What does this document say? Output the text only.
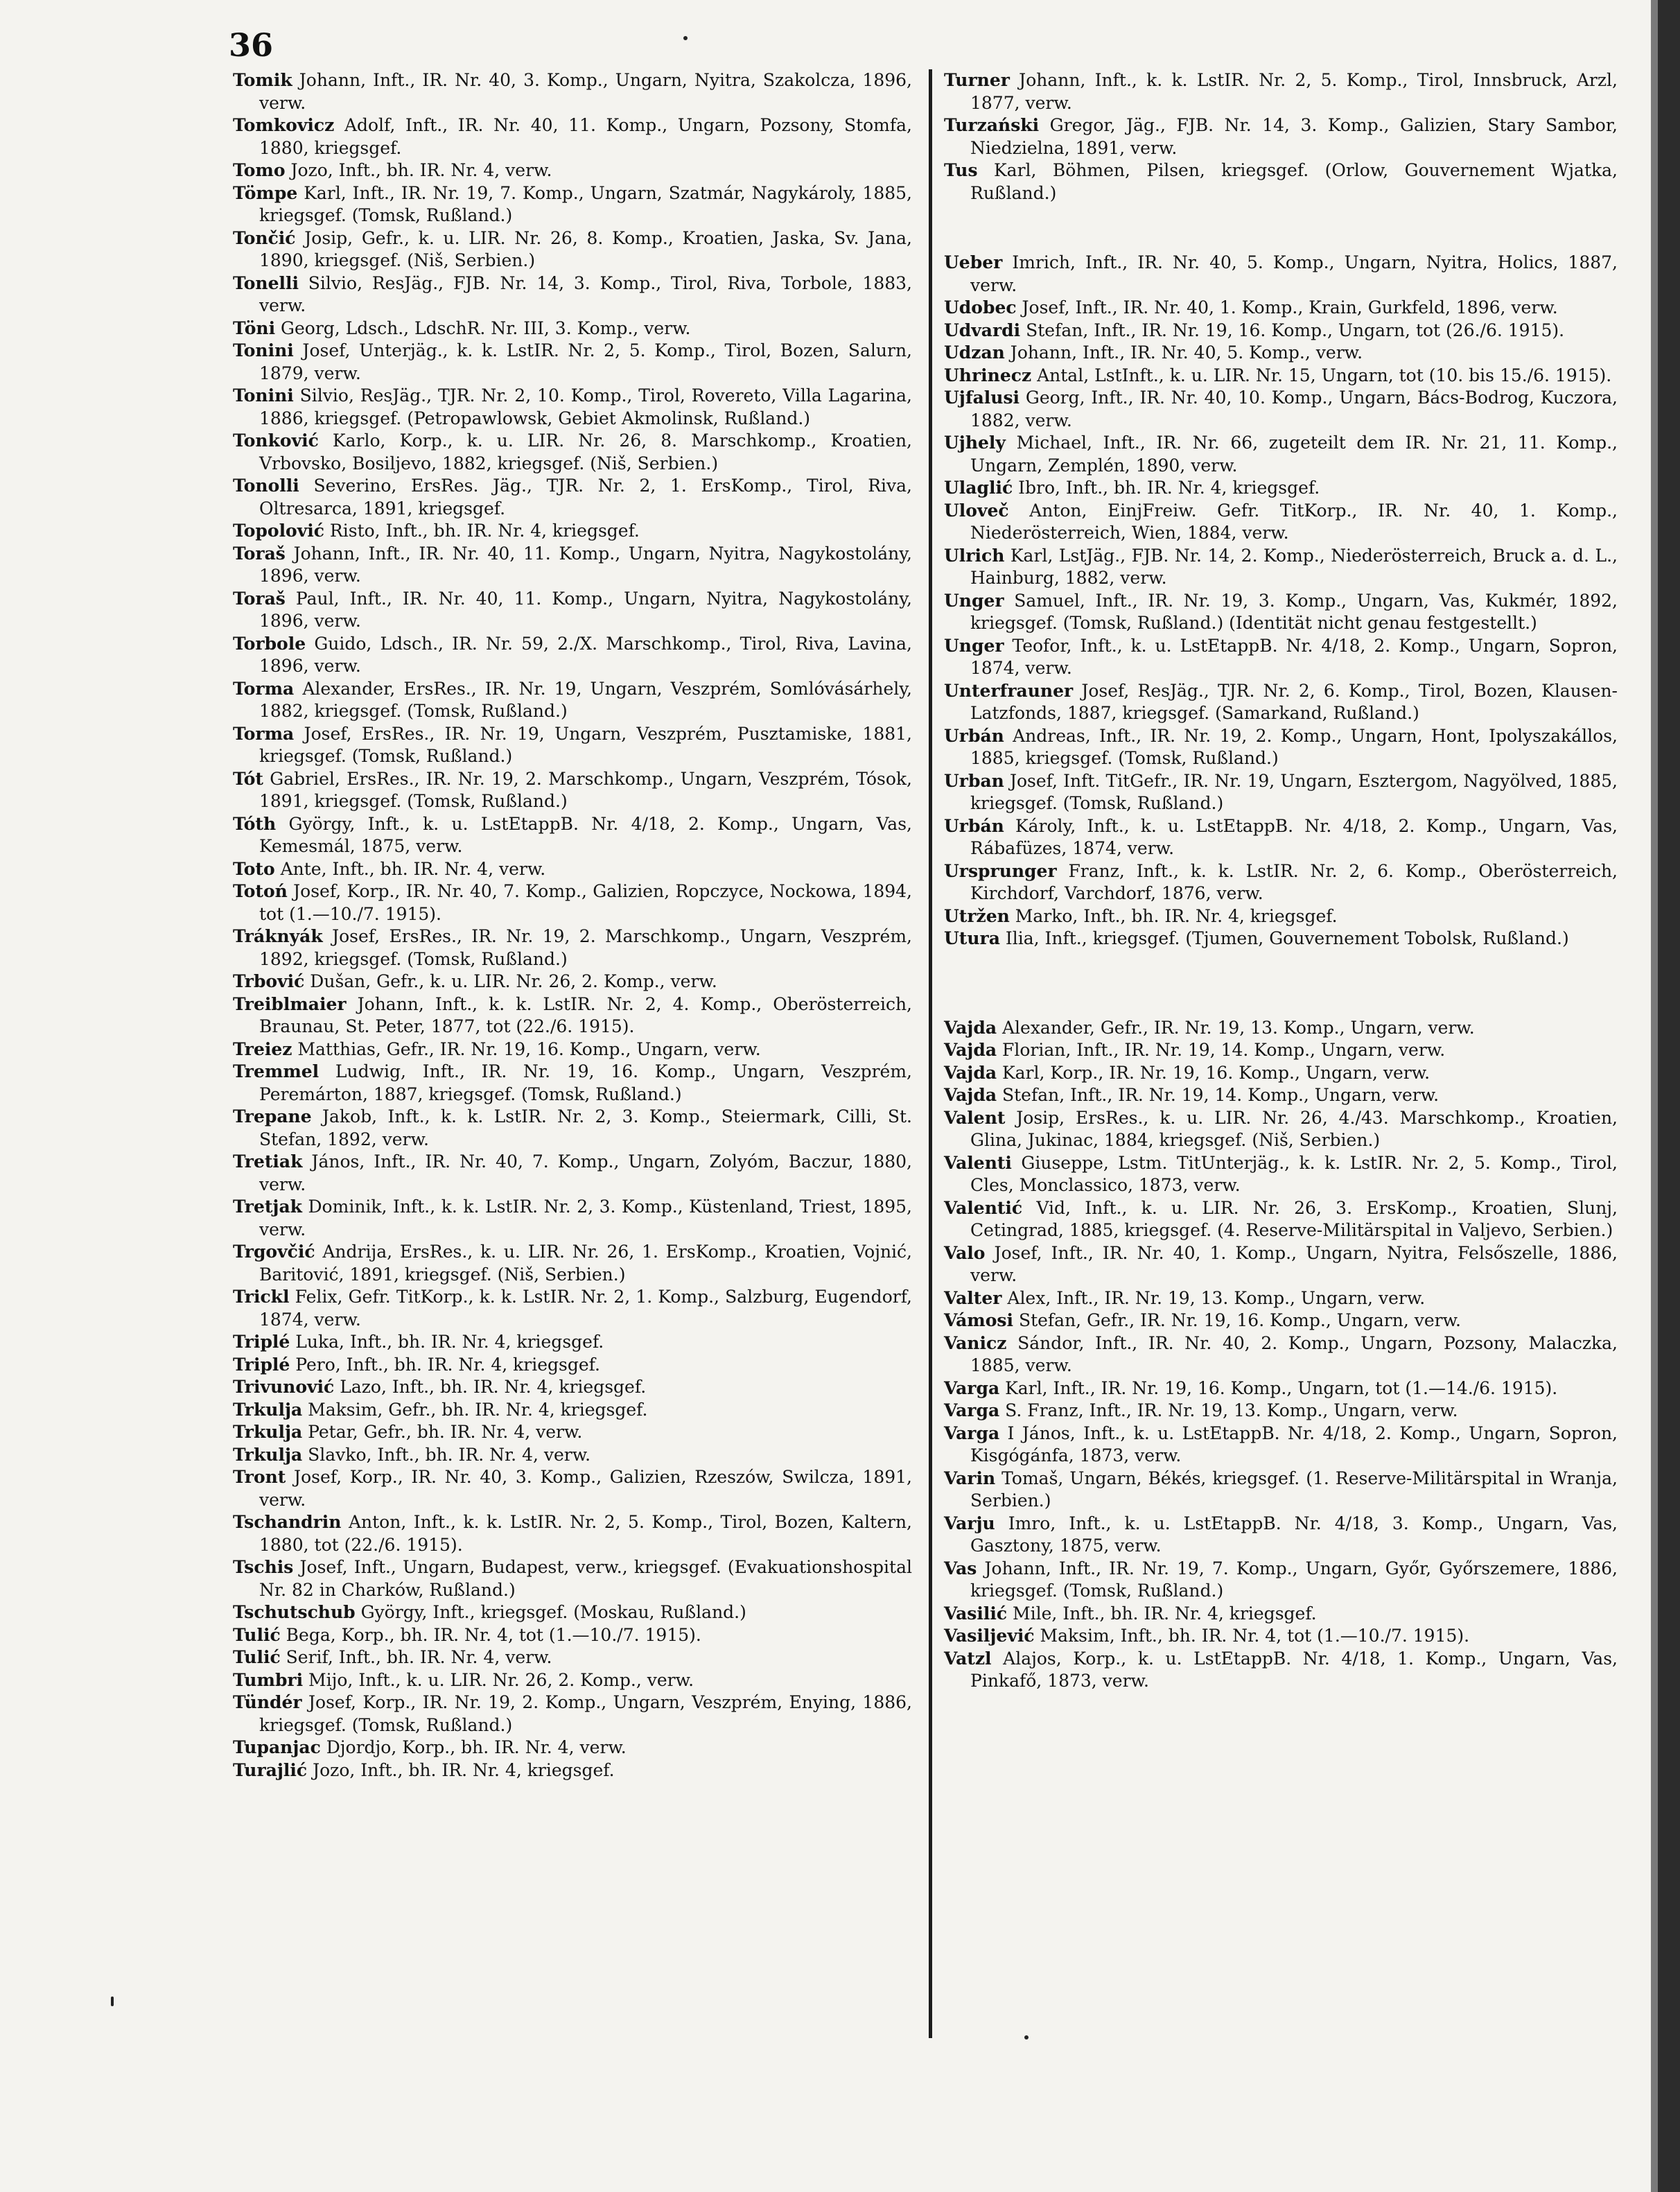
36

Tomik Johann, Inft., IR. Nr. 40, 3. Komp., Ungarn, Nyitra, Szakolcza, 1896, verw.

Tomkovicz Adolf, Inft., IR. Nr. 40, 11. Komp., Ungarn, Pozsony, Stomfa, 1880, kriegsgef.

Tomo Jozo, Inft., bh. IR. Nr. 4, verw.

Tömpe Karl, Inft., IR. Nr. 19, 7. Komp., Ungarn, Szatmár, Nagykároly, 1885, kriegsgef. (Tomsk, Rußland.)

Tončić Josip, Gefr., k. u. LIR. Nr. 26, 8. Komp., Kroatien, Jaska, Sv. Jana, 1890, kriegsgef. (Niš, Serbien.)

Tonelli Silvio, ResJäg., FJB. Nr. 14, 3. Komp., Tirol, Riva, Torbole, 1883, verw.

Töni Georg, Ldsch., LdschR. Nr. III, 3. Komp., verw.

Tonini Josef, Unterjäg., k. k. LstIR. Nr. 2, 5. Komp., Tirol, Bozen, Salurn, 1879, verw.

Tonini Silvio, ResJäg., TJR. Nr. 2, 10. Komp., Tirol, Rovereto, Villa Lagarina, 1886, kriegsgef. (Petropawlowsk, Gebiet Akmolinsk, Rußland.)

Tonković Karlo, Korp., k. u. LIR. Nr. 26, 8. Marschkomp., Kroatien, Vrbovsko, Bosiljevo, 1882, kriegsgef. (Niš, Serbien.)

Tonolli Severino, ErsRes. Jäg., TJR. Nr. 2, 1. ErsKomp., Tirol, Riva, Oltresarca, 1891, kriegsgef.

Topolović Risto, Inft., bh. IR. Nr. 4, kriegsgef.

Toraš Johann, Inft., IR. Nr. 40, 11. Komp., Ungarn, Nyitra, Nagykostolány, 1896, verw.

Toraš Paul, Inft., IR. Nr. 40, 11. Komp., Ungarn, Nyitra, Nagykostolány, 1896, verw.

Torbole Guido, Ldsch., IR. Nr. 59, 2./X. Marschkomp., Tirol, Riva, Lavina, 1896, verw.

Torma Alexander, ErsRes., IR. Nr. 19, Ungarn, Veszprém, Somlóvásárhely, 1882, kriegsgef. (Tomsk, Rußland.)

Torma Josef, ErsRes., IR. Nr. 19, Ungarn, Veszprém, Pusztamiske, 1881, kriegsgef. (Tomsk, Rußland.)

Tót Gabriel, ErsRes., IR. Nr. 19, 2. Marschkomp., Ungarn, Veszprém, Tósok, 1891, kriegsgef. (Tomsk, Rußland.)

Tóth György, Inft., k. u. LstEtappB. Nr. 4/18, 2. Komp., Ungarn, Vas, Kemesmál, 1875, verw.

Toto Ante, Inft., bh. IR. Nr. 4, verw.

Totoń Josef, Korp., IR. Nr. 40, 7. Komp., Galizien, Ropczyce, Nockowa, 1894, tot (1.—10./7. 1915).

Tráknyák Josef, ErsRes., IR. Nr. 19, 2. Marschkomp., Ungarn, Veszprém, 1892, kriegsgef. (Tomsk, Rußland.)

Trbović Dušan, Gefr., k. u. LIR. Nr. 26, 2. Komp., verw.

Treiblmaier Johann, Inft., k. k. LstIR. Nr. 2, 4. Komp., Oberösterreich, Braunau, St. Peter, 1877, tot (22./6. 1915).

Treiez Matthias, Gefr., IR. Nr. 19, 16. Komp., Ungarn, verw.

Tremmel Ludwig, Inft., IR. Nr. 19, 16. Komp., Ungarn, Veszprém, Peremárton, 1887, kriegsgef. (Tomsk, Rußland.)

Trepane Jakob, Inft., k. k. LstIR. Nr. 2, 3. Komp., Steiermark, Cilli, St. Stefan, 1892, verw.

Tretiak János, Inft., IR. Nr. 40, 7. Komp., Ungarn, Zolyóm, Baczur, 1880, verw.

Tretjak Dominik, Inft., k. k. LstIR. Nr. 2, 3. Komp., Küstenland, Triest, 1895, verw.

Trgovčić Andrija, ErsRes., k. u. LIR. Nr. 26, 1. ErsKomp., Kroatien, Vojnić, Baritović, 1891, kriegsgef. (Niš, Serbien.)

Trickl Felix, Gefr. TitKorp., k. k. LstIR. Nr. 2, 1. Komp., Salzburg, Eugendorf, 1874, verw.

Triplé Luka, Inft., bh. IR. Nr. 4, kriegsgef.

Triplé Pero, Inft., bh. IR. Nr. 4, kriegsgef.

Trivunović Lazo, Inft., bh. IR. Nr. 4, kriegsgef.

Trkulja Maksim, Gefr., bh. IR. Nr. 4, kriegsgef.

Trkulja Petar, Gefr., bh. IR. Nr. 4, verw.

Trkulja Slavko, Inft., bh. IR. Nr. 4, verw.

Tront Josef, Korp., IR. Nr. 40, 3. Komp., Galizien, Rzeszów, Swilcza, 1891, verw.

Tschandrin Anton, Inft., k. k. LstIR. Nr. 2, 5. Komp., Tirol, Bozen, Kaltern, 1880, tot (22./6. 1915).

Tschis Josef, Inft., Ungarn, Budapest, verw., kriegsgef. (Evakuationshospital Nr. 82 in Charków, Rußland.)

Tschutschub György, Inft., kriegsgef. (Moskau, Rußland.)

Tulić Bega, Korp., bh. IR. Nr. 4, tot (1.—10./7. 1915).

Tulić Serif, Inft., bh. IR. Nr. 4, verw.

Tumbri Mijo, Inft., k. u. LIR. Nr. 26, 2. Komp., verw.

Tündér Josef, Korp., IR. Nr. 19, 2. Komp., Ungarn, Veszprém, Enying, 1886, kriegsgef. (Tomsk, Rußland.)

Tupanjac Djordjo, Korp., bh. IR. Nr. 4, verw.

Turajlić Jozo, Inft., bh. IR. Nr. 4, kriegsgef.

Turner Johann, Inft., k. k. LstIR. Nr. 2, 5. Komp., Tirol, Innsbruck, Arzl, 1877, verw.

Turzański Gregor, Jäg., FJB. Nr. 14, 3. Komp., Galizien, Stary Sambor, Niedzielna, 1891, verw.

Tus Karl, Böhmen, Pilsen, kriegsgef. (Orlow, Gouvernement Wjatka, Rußland.)

Ueber Imrich, Inft., IR. Nr. 40, 5. Komp., Ungarn, Nyitra, Holics, 1887, verw.

Udobec Josef, Inft., IR. Nr. 40, 1. Komp., Krain, Gurkfeld, 1896, verw.

Udvardi Stefan, Inft., IR. Nr. 19, 16. Komp., Ungarn, tot (26./6. 1915).

Udzan Johann, Inft., IR. Nr. 40, 5. Komp., verw.

Uhrinecz Antal, LstInft., k. u. LIR. Nr. 15, Ungarn, tot (10. bis 15./6. 1915).

Ujfalusi Georg, Inft., IR. Nr. 40, 10. Komp., Ungarn, Bács-Bodrog, Kuczora, 1882, verw.

Ujhely Michael, Inft., IR. Nr. 66, zugeteilt dem IR. Nr. 21, 11. Komp., Ungarn, Zemplén, 1890, verw.

Ulaglić Ibro, Inft., bh. IR. Nr. 4, kriegsgef.

Uloveč Anton, EinjFreiw. Gefr. TitKorp., IR. Nr. 40, 1. Komp., Niederösterreich, Wien, 1884, verw.

Ulrich Karl, LstJäg., FJB. Nr. 14, 2. Komp., Niederösterreich, Bruck a. d. L., Hainburg, 1882, verw.

Unger Samuel, Inft., IR. Nr. 19, 3. Komp., Ungarn, Vas, Kukmér, 1892, kriegsgef. (Tomsk, Rußland.) (Identität nicht genau festgestellt.)

Unger Teofor, Inft., k. u. LstEtappB. Nr. 4/18, 2. Komp., Ungarn, Sopron, 1874, verw.

Unterfrauner Josef, ResJäg., TJR. Nr. 2, 6. Komp., Tirol, Bozen, Klausen-Latzfonds, 1887, kriegsgef. (Samarkand, Rußland.)

Urbán Andreas, Inft., IR. Nr. 19, 2. Komp., Ungarn, Hont, Ipolyszakállos, 1885, kriegsgef. (Tomsk, Rußland.)

Urban Josef, Inft. TitGefr., IR. Nr. 19, Ungarn, Esztergom, Nagyölved, 1885, kriegsgef. (Tomsk, Rußland.)

Urbán Károly, Inft., k. u. LstEtappB. Nr. 4/18, 2. Komp., Ungarn, Vas, Rábafüzes, 1874, verw.

Ursprunger Franz, Inft., k. k. LstIR. Nr. 2, 6. Komp., Oberösterreich, Kirchdorf, Varchdorf, 1876, verw.

Utržen Marko, Inft., bh. IR. Nr. 4, kriegsgef.

Utura Ilia, Inft., kriegsgef. (Tjumen, Gouvernement Tobolsk, Rußland.)

Vajda Alexander, Gefr., IR. Nr. 19, 13. Komp., Ungarn, verw.

Vajda Florian, Inft., IR. Nr. 19, 14. Komp., Ungarn, verw.

Vajda Karl, Korp., IR. Nr. 19, 16. Komp., Ungarn, verw.

Vajda Stefan, Inft., IR. Nr. 19, 14. Komp., Ungarn, verw.

Valent Josip, ErsRes., k. u. LIR. Nr. 26, 4./43. Marschkomp., Kroatien, Glina, Jukinac, 1884, kriegsgef. (Niš, Serbien.)

Valenti Giuseppe, Lstm. TitUnterjäg., k. k. LstIR. Nr. 2, 5. Komp., Tirol, Cles, Monclassico, 1873, verw.

Valentić Vid, Inft., k. u. LIR. Nr. 26, 3. ErsKomp., Kroatien, Slunj, Cetingrad, 1885, kriegsgef. (4. Reserve-Militärspital in Valjevo, Serbien.)

Valo Josef, Inft., IR. Nr. 40, 1. Komp., Ungarn, Nyitra, Felsőszelle, 1886, verw.

Valter Alex, Inft., IR. Nr. 19, 13. Komp., Ungarn, verw.

Vámosi Stefan, Gefr., IR. Nr. 19, 16. Komp., Ungarn, verw.

Vanicz Sándor, Inft., IR. Nr. 40, 2. Komp., Ungarn, Pozsony, Malaczka, 1885, verw.

Varga Karl, Inft., IR. Nr. 19, 16. Komp., Ungarn, tot (1.—14./6. 1915).

Varga S. Franz, Inft., IR. Nr. 19, 13. Komp., Ungarn, verw.

Varga I János, Inft., k. u. LstEtappB. Nr. 4/18, 2. Komp., Ungarn, Sopron, Kisgógánfa, 1873, verw.

Varin Tomaš, Ungarn, Békés, kriegsgef. (1. Reserve-Militärspital in Wranja, Serbien.)

Varju Imro, Inft., k. u. LstEtappB. Nr. 4/18, 3. Komp., Ungarn, Vas, Gasztony, 1875, verw.

Vas Johann, Inft., IR. Nr. 19, 7. Komp., Ungarn, Győr, Győrszemere, 1886, kriegsgef. (Tomsk, Rußland.)

Vasilić Mile, Inft., bh. IR. Nr. 4, kriegsgef.

Vasiljević Maksim, Inft., bh. IR. Nr. 4, tot (1.—10./7. 1915).

Vatzl Alajos, Korp., k. u. LstEtappB. Nr. 4/18, 1. Komp., Ungarn, Vas, Pinkafő, 1873, verw.
